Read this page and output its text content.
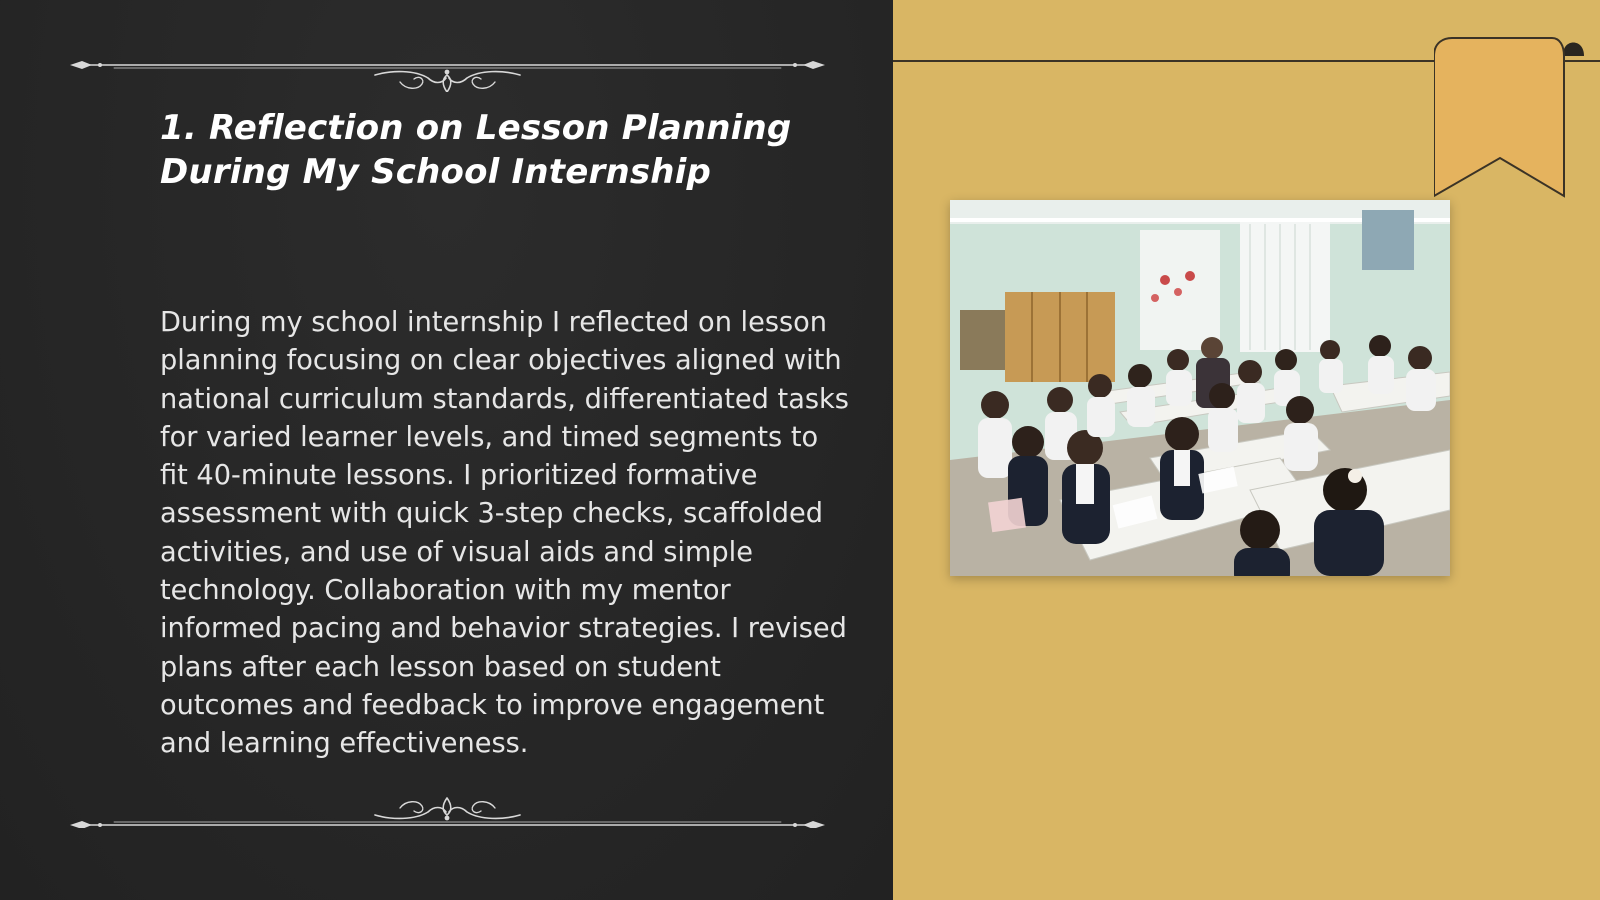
1. Reflection on Lesson Planning During My School Internship

During my school internship I reflected on lesson planning focusing on clear objectives aligned with national curriculum standards, differentiated tasks for varied learner levels, and timed segments to fit 40-minute lessons. I prioritized formative assessment with quick 3-step checks, scaffolded activities, and use of visual aids and simple technology. Collaboration with my mentor informed pacing and behavior strategies. I revised plans after each lesson based on student outcomes and feedback to improve engagement and learning effectiveness.
